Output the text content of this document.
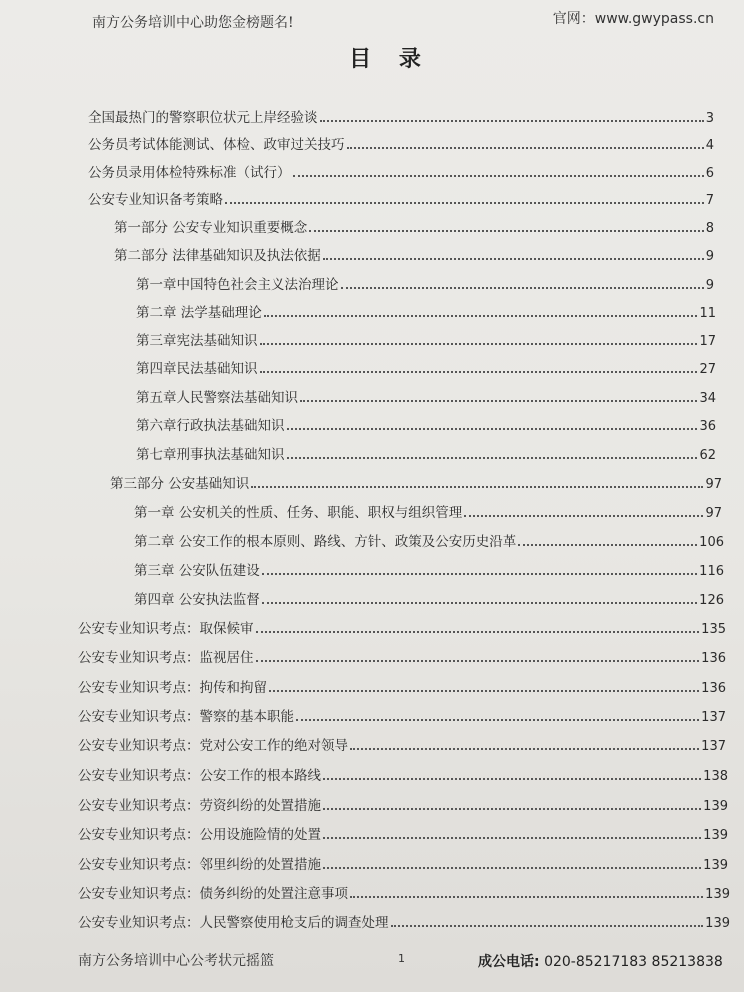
南方公务培训中心助您金榜题名!	官网：www.gwypass.cn
目 录
全国最热门的警察职位状元上岸经验谈	3
公务员考试体能测试、体检、政审过关技巧	4
公务员录用体检特殊标准（试行）	6
公安专业知识备考策略	7
第一部分 公安专业知识重要概念	8
第二部分 法律基础知识及执法依据	9
第一章中国特色社会主义法治理论	9
第二章 法学基础理论	11
第三章宪法基础知识	17
第四章民法基础知识	27
第五章人民警察法基础知识	34
第六章行政执法基础知识	36
第七章刑事执法基础知识	62
第三部分 公安基础知识	97
第一章 公安机关的性质、任务、职能、职权与组织管理	97
第二章 公安工作的根本原则、路线、方针、政策及公安历史沿革	106
第三章 公安队伍建设	116
第四章 公安执法监督	126
公安专业知识考点：取保候审	135
公安专业知识考点：监视居住	136
公安专业知识考点：拘传和拘留	136
公安专业知识考点：警察的基本职能	137
公安专业知识考点：党对公安工作的绝对领导	137
公安专业知识考点：公安工作的根本路线	138
公安专业知识考点：劳资纠纷的处置措施	139
公安专业知识考点：公用设施险情的处置	139
公安专业知识考点：邻里纠纷的处置措施	139
公安专业知识考点：债务纠纷的处置注意事项	139
公安专业知识考点：人民警察使用枪支后的调查处理	139
南方公务培训中心公考状元摇篮	1	成公电话: 020-85217183 85213838
